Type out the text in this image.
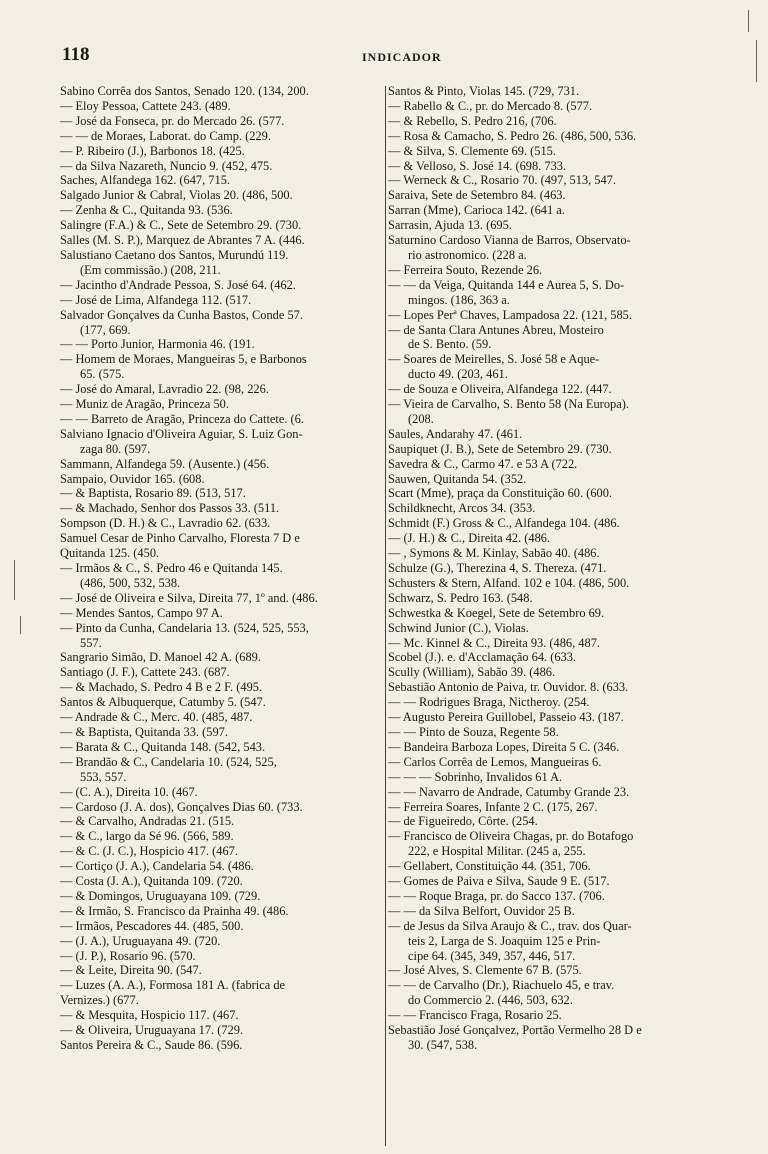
118	INDICADOR
Sabino Corrêa dos Santos, Senado 120. (134, 200.
— Eloy Pessoa, Cattete 243. (489.
— José da Fonseca, pr. do Mercado 26. (577.
— — de Moraes, Laborat. do Camp. (229.
— P. Ribeiro (J.), Barbonos 18. (425.
— da Silva Nazareth, Nuncio 9. (452, 475.
Saches, Alfandega 162. (647, 715.
Salgado Junior & Cabral, Violas 20. (486, 500.
— Zenha & C., Quitanda 93. (536.
Salingre (F.A.) & C., Sete de Setembro 29. (730.
Salles (M. S. P.), Marquez de Abrantes 7 A. (446.
Salustiano Caetano dos Santos, Murundú 119.
(Em commissão.) (208, 211.
— Jacintho d'Andrade Pessoa, S. José 64. (462.
— José de Lima, Alfandega 112. (517.
Salvador Gonçalves da Cunha Bastos, Conde 57.
(177, 669.
— — Porto Junior, Harmonia 46. (191.
— Homem de Moraes, Mangueiras 5, e Barbonos
65. (575.
— José do Amaral, Lavradio 22. (98, 226.
— Muniz de Aragão, Princeza 50.
— — Barreto de Aragão, Princeza do Cattete. (6.
Salviano Ignacio d'Oliveira Aguiar, S. Luiz Gon-
zaga 80. (597.
Sammann, Alfandega 59. (Ausente.) (456.
Sampaio, Ouvidor 165. (608.
— & Baptista, Rosario 89. (513, 517.
— & Machado, Senhor dos Passos 33. (511.
Sompson (D. H.) & C., Lavradio 62. (633.
Samuel Cesar de Pinho Carvalho, Floresta 7 D e
Quitanda 125. (450.
— Irmãos & C., S. Pedro 46 e Quitanda 145.
(486, 500, 532, 538.
— José de Oliveira e Silva, Direita 77, 1º and. (486.
— Mendes Santos, Campo 97 A.
— Pinto da Cunha, Candelaria 13. (524, 525, 553,
557.
Sangrario Simão, D. Manoel 42 A. (689.
Santiago (J. F.), Cattete 243. (687.
— & Machado, S. Pedro 4 B e 2 F. (495.
Santos & Albuquerque, Catumby 5. (547.
— Andrade & C., Merc. 40. (485, 487.
— & Baptista, Quitanda 33. (597.
— Barata & C., Quitanda 148. (542, 543.
— Brandão & C., Candelaria 10. (524, 525,
553, 557.
— (C. A.), Direita 10. (467.
— Cardoso (J. A. dos), Gonçalves Dias 60. (733.
— & Carvalho, Andradas 21. (515.
— & C., largo da Sé 96. (566, 589.
— & C. (J. C.), Hospicio 417. (467.
— Cortiço (J. A.), Candelaria 54. (486.
— Costa (J. A.), Quitanda 109. (720.
— & Domingos, Uruguayana 109. (729.
— & Irmão, S. Francisco da Prainha 49. (486.
— Irmãos, Pescadores 44. (485, 500.
— (J. A.), Uruguayana 49. (720.
— (J. P.), Rosario 96. (570.
— & Leite, Direita 90. (547.
— Luzes (A. A.), Formosa 181 A. (fabrica de
Vernizes.) (677.
— & Mesquita, Hospicio 117. (467.
— & Oliveira, Uruguayana 17. (729.
Santos Pereira & C., Saude 86. (596.
Santos & Pinto, Violas 145. (729, 731.
— Rabello & C., pr. do Mercado 8. (577.
— & Rebello, S. Pedro 216, (706.
— Rosa & Camacho, S. Pedro 26. (486, 500, 536.
— & Silva, S. Clemente 69. (515.
— & Velloso, S. José 14. (698. 733.
— Werneck & C., Rosario 70. (497, 513, 547.
Saraiva, Sete de Setembro 84. (463.
Sarran (Mme), Carioca 142. (641 a.
Sarrasin, Ajuda 13. (695.
Saturnino Cardoso Vianna de Barros, Observato-
rio astronomico. (228 a.
— Ferreira Souto, Rezende 26.
— — da Veiga, Quitanda 144 e Aurea 5, S. Do-
mingos. (186, 363 a.
— Lopes Perª Chaves, Lampadosa 22. (121, 585.
— de Santa Clara Antunes Abreu, Mosteiro
de S. Bento. (59.
— Soares de Meirelles, S. José 58 e Aque-
ducto 49. (203, 461.
— de Souza e Oliveira, Alfandega 122. (447.
— Vieira de Carvalho, S. Bento 58 (Na Europa).
(208.
Saules, Andarahy 47. (461.
Saupiquet (J. B.), Sete de Setembro 29. (730.
Savedra & C., Carmo 47. e 53 A (722.
Sauwen, Quitanda 54. (352.
Scart (Mme), praça da Constituição 60. (600.
Schildknecht, Arcos 34. (353.
Schmidt (F.) Gross & C., Alfandega 104. (486.
— (J. H.) & C., Direita 42. (486.
— , Symons & M. Kinlay, Sabão 40. (486.
Schulze (G.), Therezina 4, S. Thereza. (471.
Schusters & Stern, Alfand. 102 e 104. (486, 500.
Schwarz, S. Pedro 163. (548.
Schwestka & Koegel, Sete de Setembro 69.
Schwind Junior (C.), Violas.
— Mc. Kinnel & C., Direita 93. (486, 487.
Scobel (J.). e. d'Acclamação 64. (633.
Scully (William), Sabão 39. (486.
Sebastião Antonio de Paiva, tr. Ouvidor. 8. (633.
— — Rodrigues Braga, Nictheroy. (254.
— Augusto Pereira Guillobel, Passeio 43. (187.
— — Pinto de Souza, Regente 58.
— Bandeira Barboza Lopes, Direita 5 C. (346.
— Carlos Corrêa de Lemos, Mangueiras 6.
— — — Sobrinho, Invalidos 61 A.
— — Navarro de Andrade, Catumby Grande 23.
— Ferreira Soares, Infante 2 C. (175, 267.
— de Figueiredo, Côrte. (254.
— Francisco de Oliveira Chagas, pr. do Botafogo
222, e Hospital Militar. (245 a, 255.
— Gellabert, Constituição 44. (351, 706.
— Gomes de Paiva e Silva, Saude 9 E. (517.
— — Roque Braga, pr. do Sacco 137. (706.
— — da Silva Belfort, Ouvidor 25 B.
— de Jesus da Silva Araujo & C., trav. dos Quar-
teis 2, Larga de S. Joaquim 125 e Prin-
cipe 64. (345, 349, 357, 446, 517.
— José Alves, S. Clemente 67 B. (575.
— — de Carvalho (Dr.), Riachuelo 45, e trav.
do Commercio 2. (446, 503, 632.
— — Francisco Fraga, Rosario 25.
Sebastião José Gonçalvez, Portão Vermelho 28 D e
30. (547, 538.
